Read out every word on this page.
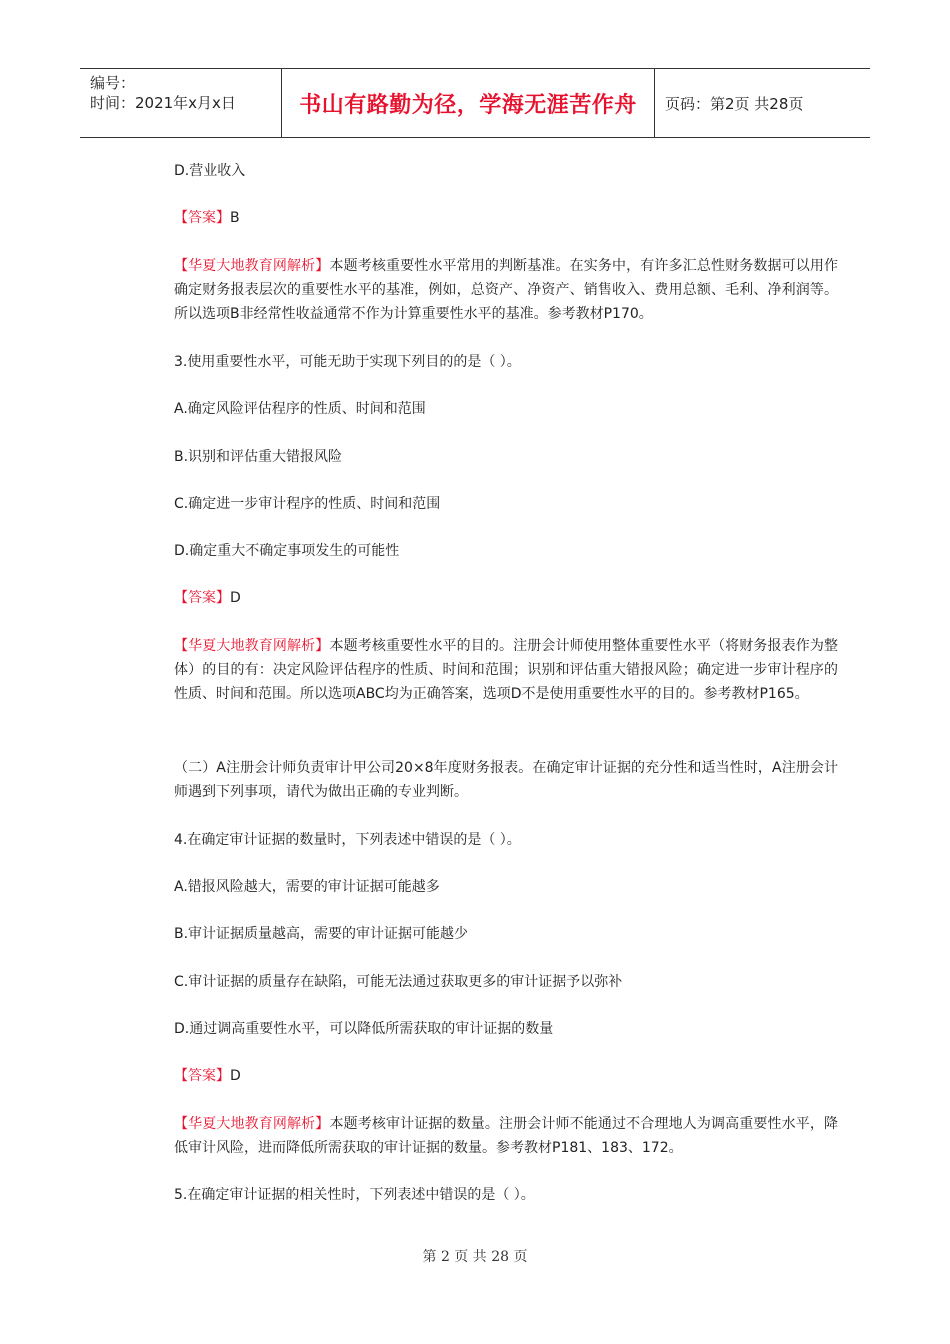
编号：
时间：2021年x月x日	书山有路勤为径，学海无涯苦作舟	页码：第2页 共28页
D.营业收入
【答案】B
【华夏大地教育网解析】本题考核重要性水平常用的判断基准。在实务中，有许多汇总性财务数据可以用作确定财务报表层次的重要性水平的基准，例如，总资产、净资产、销售收入、费用总额、毛利、净利润等。所以选项B非经常性收益通常不作为计算重要性水平的基准。参考教材P170。
3.使用重要性水平，可能无助于实现下列目的的是（ ）。
A.确定风险评估程序的性质、时间和范围
B.识别和评估重大错报风险
C.确定进一步审计程序的性质、时间和范围
D.确定重大不确定事项发生的可能性
【答案】D
【华夏大地教育网解析】本题考核重要性水平的目的。注册会计师使用整体重要性水平（将财务报表作为整体）的目的有：决定风险评估程序的性质、时间和范围；识别和评估重大错报风险；确定进一步审计程序的性质、时间和范围。所以选项ABC均为正确答案，选项D不是使用重要性水平的目的。参考教材P165。
（二）A注册会计师负责审计甲公司20×8年度财务报表。在确定审计证据的充分性和适当性时，A注册会计师遇到下列事项，请代为做出正确的专业判断。
4.在确定审计证据的数量时，下列表述中错误的是（ ）。
A.错报风险越大，需要的审计证据可能越多
B.审计证据质量越高，需要的审计证据可能越少
C.审计证据的质量存在缺陷，可能无法通过获取更多的审计证据予以弥补
D.通过调高重要性水平，可以降低所需获取的审计证据的数量
【答案】D
【华夏大地教育网解析】本题考核审计证据的数量。注册会计师不能通过不合理地人为调高重要性水平，降低审计风险，进而降低所需获取的审计证据的数量。参考教材P181、183、172。
5.在确定审计证据的相关性时，下列表述中错误的是（ ）。
第 2 页 共 28 页
